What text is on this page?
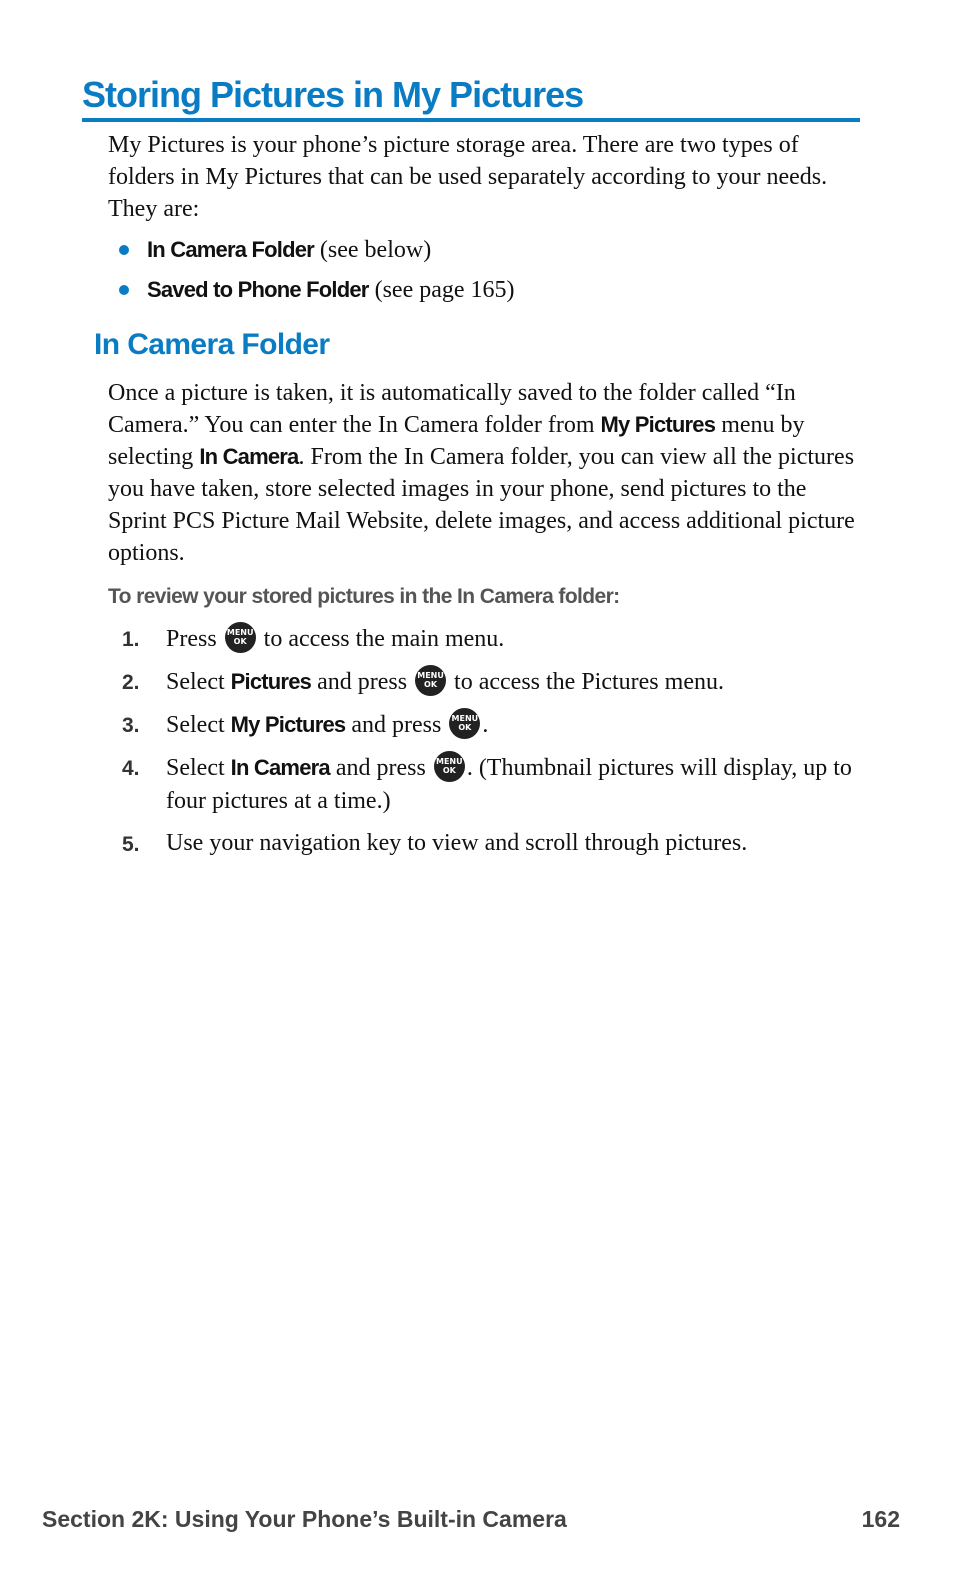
Storing Pictures in My Pictures

My Pictures is your phone’s picture storage area. There are two types of folders in My Pictures that can be used separately according to your needs. They are:

In Camera Folder (see below)
Saved to Phone Folder (see page 165)
In Camera Folder

Once a picture is taken, it is automatically saved to the folder called “In Camera.” You can enter the In Camera folder from My Pictures menu by selecting In Camera. From the In Camera folder, you can view all the pictures you have taken, store selected images in your phone, send pictures to the Sprint PCS Picture Mail Website, delete images, and access additional picture options.

To review your stored pictures in the In Camera folder:
1. Press MENU
OK to access the main menu.
2. Select Pictures and press MENU
OK to access the Pictures menu.
3. Select My Pictures and press MENU
OK .
4. Select In Camera and press MENU
OK . (Thumbnail pictures will display, up to four pictures at a time.)
5. Use your navigation key to view and scroll through pictures.
Section 2K: Using Your Phone’s Built-in Camera	162
